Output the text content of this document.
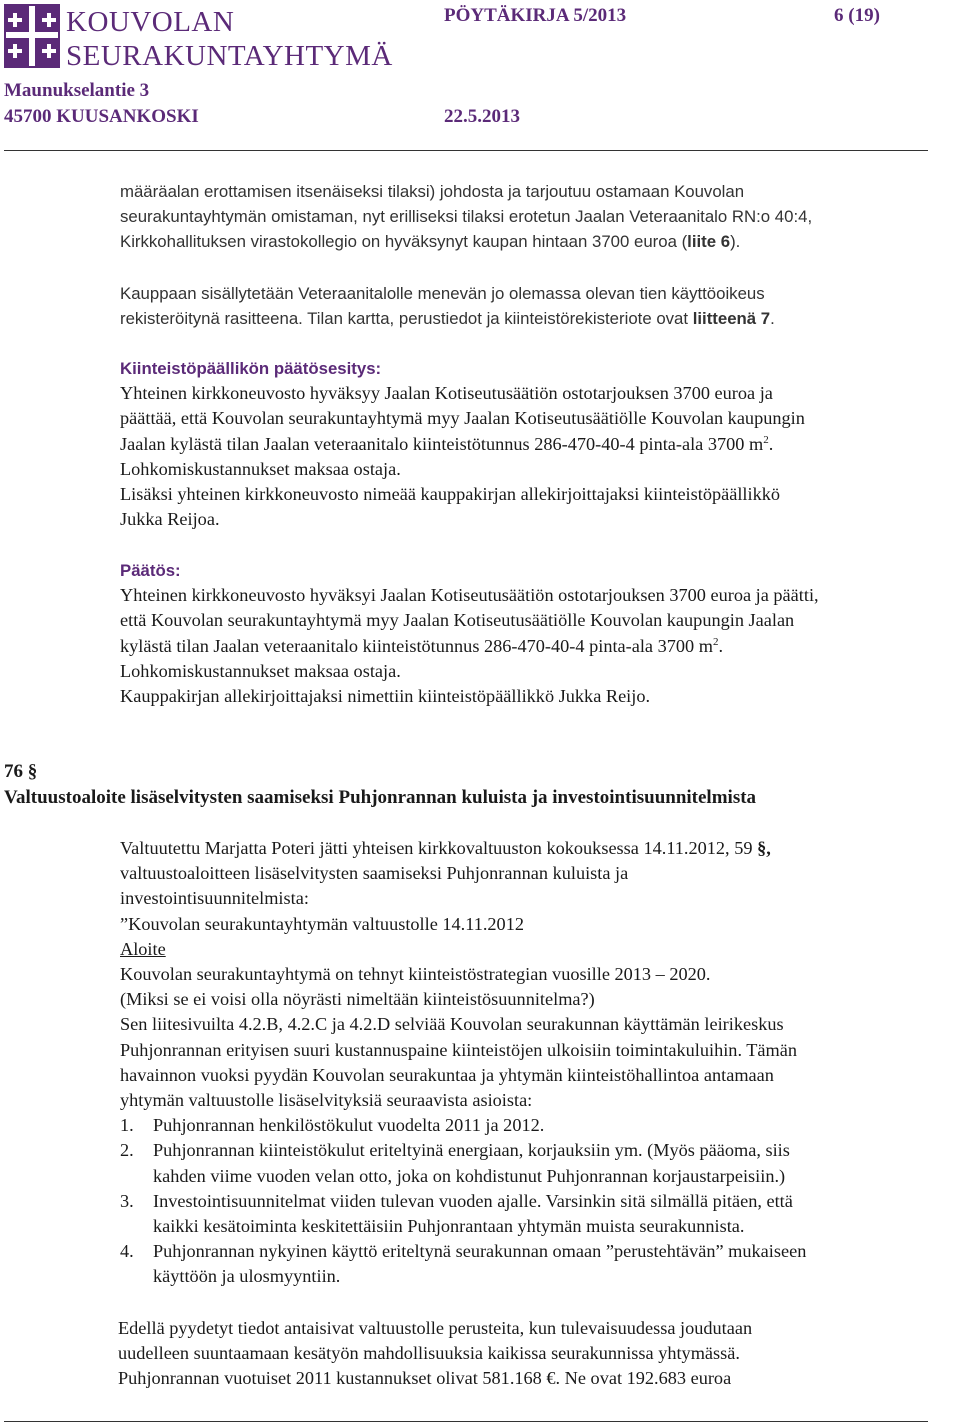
KOUVOLAN
SEURAKUNTAYHTYMÄ
PÖYTÄKIRJA 5/2013	6 (19)
Maunukselantie 3
45700 KUUSANKOSKI	22.5.2013
määräalan erottamisen itsenäiseksi tilaksi) johdosta ja tarjoutuu ostamaan Kouvolan
seurakuntayhtymän omistaman, nyt erilliseksi tilaksi erotetun Jaalan Veteraanitalo RN:o 40:4,
Kirkkohallituksen virastokollegio on hyväksynyt kaupan hintaan 3700 euroa (liite 6).
Kauppaan sisällytetään Veteraanitalolle menevän jo olemassa olevan tien käyttöoikeus
rekisteröitynä rasitteena. Tilan kartta, perustiedot ja kiinteistörekisteriote ovat liitteenä 7.
Kiinteistöpäällikön päätösesitys:
Yhteinen kirkkoneuvosto hyväksyy Jaalan Kotiseutusäätiön ostotarjouksen 3700 euroa ja
päättää, että Kouvolan seurakuntayhtymä myy Jaalan Kotiseutusäätiölle Kouvolan kaupungin
Jaalan kylästä tilan Jaalan veteraanitalo kiinteistötunnus 286-470-40-4 pinta-ala 3700 $m^2$.
Lohkomiskustannukset maksaa ostaja.
Lisäksi yhteinen kirkkoneuvosto nimeää kauppakirjan allekirjoittajaksi kiinteistöpäällikkö
Jukka Reijoa.
Päätös:
Yhteinen kirkkoneuvosto hyväksyi Jaalan Kotiseutusäätiön ostotarjouksen 3700 euroa ja päätti,
että Kouvolan seurakuntayhtymä myy Jaalan Kotiseutusäätiölle Kouvolan kaupungin Jaalan
kylästä tilan Jaalan veteraanitalo kiinteistötunnus 286-470-40-4 pinta-ala 3700 $m^2$.
Lohkomiskustannukset maksaa ostaja.
Kauppakirjan allekirjoittajaksi nimettiin kiinteistöpäällikkö Jukka Reijo.
76 §
Valtuustoaloite lisäselvitysten saamiseksi Puhjonrannan kuluista ja investointisuunnitelmista
Valtuutettu Marjatta Poteri jätti yhteisen kirkkovaltuuston kokouksessa 14.11.2012, 59 §,
valtuustoaloitteen lisäselvitysten saamiseksi Puhjonrannan kuluista ja
investointisuunnitelmista:
”Kouvolan seurakuntayhtymän valtuustolle 14.11.2012
Aloite
Kouvolan seurakuntayhtymä on tehnyt kiinteistöstrategian vuosille 2013 – 2020.
(Miksi se ei voisi olla nöyrästi nimeltään kiinteistösuunnitelma?)
Sen liitesivuilta 4.2.B, 4.2.C ja 4.2.D selviää Kouvolan seurakunnan käyttämän leirikeskus
Puhjonrannan erityisen suuri kustannuspaine kiinteistöjen ulkoisiin toimintakuluihin. Tämän
havainnon vuoksi pyydän Kouvolan seurakuntaa ja yhtymän kiinteistöhallintoa antamaan
yhtymän valtuustolle lisäselvityksiä seuraavista asioista:
1. Puhjonrannan henkilöstökulut vuodelta 2011 ja 2012.
2. Puhjonrannan kiinteistökulut eriteltyinä energiaan, korjauksiin ym. (Myös pääoma, siis
kahden viime vuoden velan otto, joka on kohdistunut Puhjonrannan korjaustarpeisiin.)
3. Investointisuunnitelmat viiden tulevan vuoden ajalle. Varsinkin sitä silmällä pitäen, että
kaikki kesätoiminta keskitettäisiin Puhjonrantaan yhtymän muista seurakunnista.
4. Puhjonrannan nykyinen käyttö eriteltynä seurakunnan omaan ”perustehtävän” mukaiseen
käyttöön ja ulosmyyntiin.
Edellä pyydetyt tiedot antaisivat valtuustolle perusteita, kun tulevaisuudessa joudutaan
uudelleen suuntaamaan kesätyön mahdollisuuksia kaikissa seurakunnissa yhtymässä.
Puhjonrannan vuotuiset 2011 kustannukset olivat 581.168 €. Ne ovat 192.683 euroa
